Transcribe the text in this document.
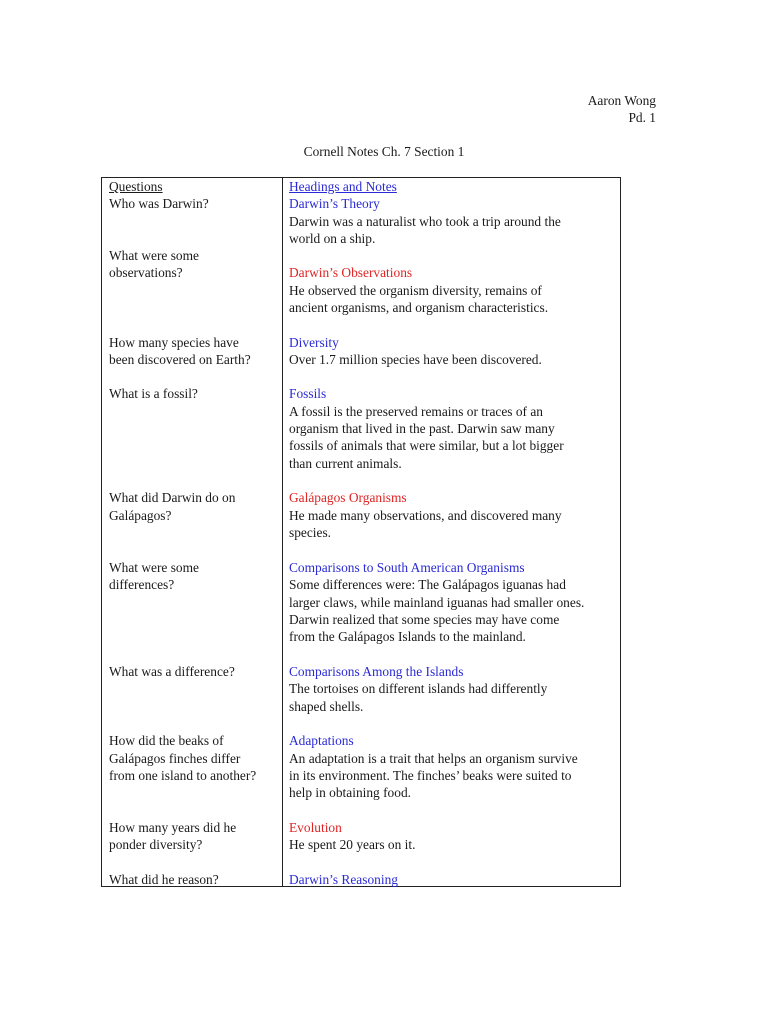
Aaron Wong
Pd. 1
Cornell Notes Ch. 7 Section 1
Questions
Who was Darwin?
What were some
observations?
How many species have
been discovered on Earth?
What is a fossil?
What did Darwin do on
Galápagos?
What were some
differences?
What was a difference?
How did the beaks of
Galápagos finches differ
from one island to another?
How many years did he
ponder diversity?
What did he reason?
Headings and Notes
Darwin’s Theory
Darwin was a naturalist who took a trip around the
world on a ship.
Darwin’s Observations
He observed the organism diversity, remains of
ancient organisms, and organism characteristics.
Diversity
Over 1.7 million species have been discovered.
Fossils
A fossil is the preserved remains or traces of an
organism that lived in the past. Darwin saw many
fossils of animals that were similar, but a lot bigger
than current animals.
Galápagos Organisms
He made many observations, and discovered many
species.
Comparisons to South American Organisms
Some differences were: The Galápagos iguanas had
larger claws, while mainland iguanas had smaller ones.
Darwin realized that some species may have come
from the Galápagos Islands to the mainland.
Comparisons Among the Islands
The tortoises on different islands had differently
shaped shells.
Adaptations
An adaptation is a trait that helps an organism survive
in its environment. The finches’ beaks were suited to
help in obtaining food.
Evolution
He spent 20 years on it.
Darwin’s Reasoning
